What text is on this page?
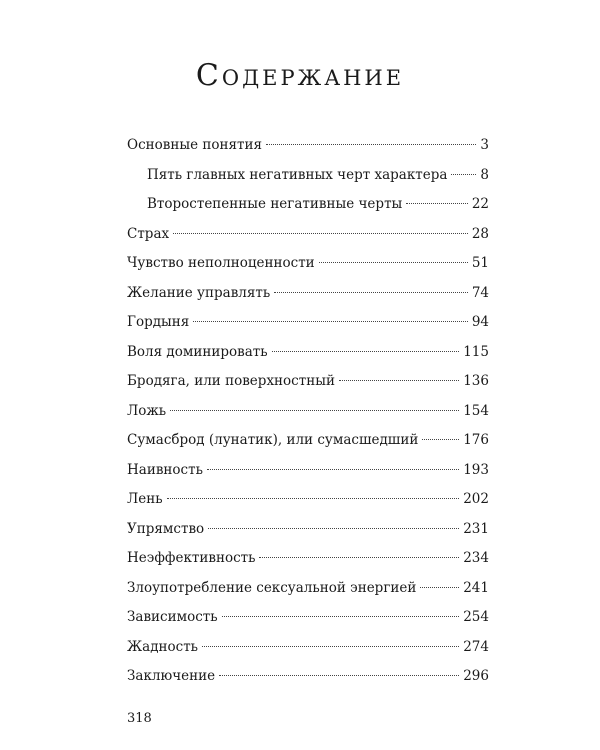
Содержание
Основные понятия	3
Пять главных негативных черт характера 8
Второстепенные негативные черты	22
Страх	28
Чувство неполноценности	51
Желание управлять	74
Гордыня	94
Воля доминировать	115
Бродяга, или поверхностный	136
Ложь	154
Сумасброд (лунатик), или сумасшедший	176
Наивность	193
Лень	202
Упрямство	231
Неэффективность	234
Злоупотребление сексуальной энергией	241
Зависимость	254
Жадность	274
Заключение	296
318
